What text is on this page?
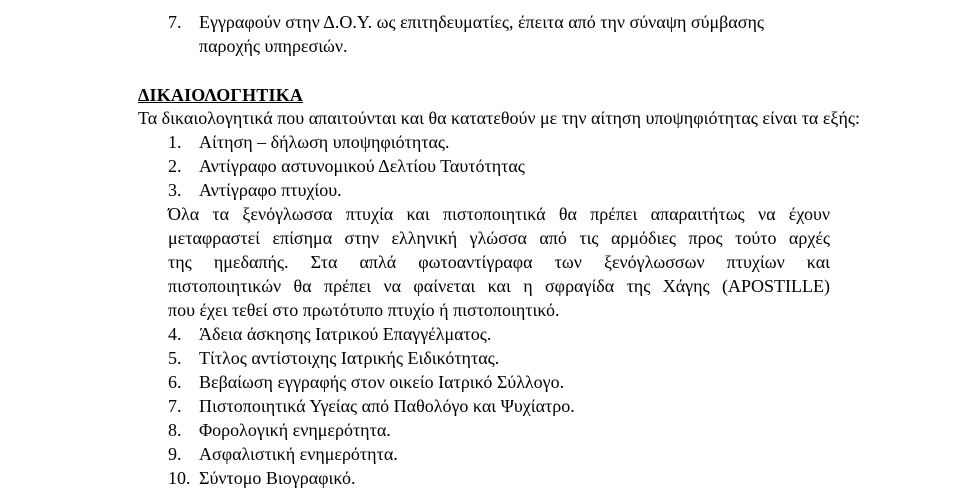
7. Εγγραφούν στην Δ.Ο.Υ. ως επιτηδευματίες, έπειτα από την σύναψη σύμβασης
παροχής υπηρεσιών.
ΔΙΚΑΙΟΛΟΓΗΤΙΚΑ
Τα δικαιολογητικά που απαιτούνται και θα κατατεθούν με την αίτηση υποψηφιότητας είναι τα εξής:
1. Αίτηση – δήλωση υποψηφιότητας.
2. Αντίγραφο αστυνομικού Δελτίου Ταυτότητας
3. Αντίγραφο πτυχίου.
Όλα τα ξενόγλωσσα πτυχία και πιστοποιητικά θα πρέπει απαραιτήτως να έχουν
μεταφραστεί επίσημα στην ελληνική γλώσσα από τις αρμόδιες προς τούτο αρχές
της ημεδαπής. Στα απλά φωτοαντίγραφα των ξενόγλωσσων πτυχίων και
πιστοποιητικών θα πρέπει να φαίνεται και η σφραγίδα της Χάγης (APOSTILLE)
που έχει τεθεί στο πρωτότυπο πτυχίο ή πιστοποιητικό.
4. Άδεια άσκησης Ιατρικού Επαγγέλματος.
5. Τίτλος αντίστοιχης Ιατρικής Ειδικότητας.
6. Βεβαίωση εγγραφής στον οικείο Ιατρικό Σύλλογο.
7. Πιστοποιητικά Υγείας από Παθολόγο και Ψυχίατρο.
8. Φορολογική ενημερότητα.
9. Ασφαλιστική ενημερότητα.
10. Σύντομο Βιογραφικό.
